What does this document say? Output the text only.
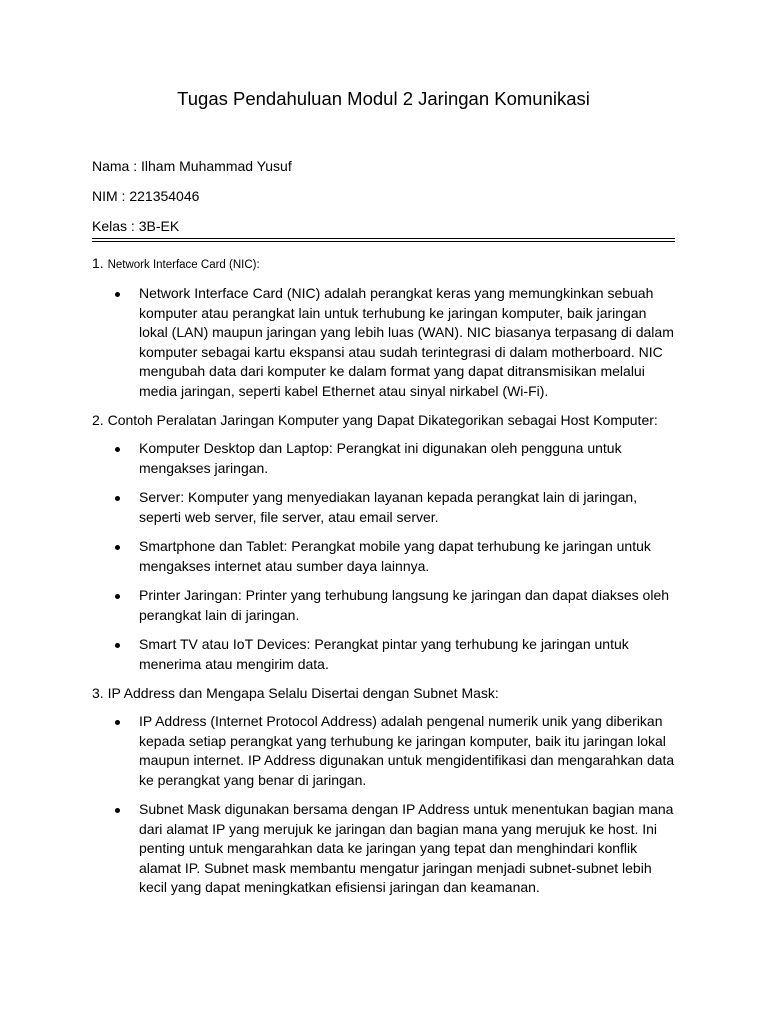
Tugas Pendahuluan Modul 2 Jaringan Komunikasi

Nama : Ilham Muhammad Yusuf

NIM : 221354046

Kelas : 3B-EK

1. Network Interface Card (NIC):

Network Interface Card (NIC) adalah perangkat keras yang memungkinkan sebuah komputer atau perangkat lain untuk terhubung ke jaringan komputer, baik jaringan lokal (LAN) maupun jaringan yang lebih luas (WAN). NIC biasanya terpasang di dalam komputer sebagai kartu ekspansi atau sudah terintegrasi di dalam motherboard. NIC mengubah data dari komputer ke dalam format yang dapat ditransmisikan melalui media jaringan, seperti kabel Ethernet atau sinyal nirkabel (Wi-Fi).

2. Contoh Peralatan Jaringan Komputer yang Dapat Dikategorikan sebagai Host Komputer:

Komputer Desktop dan Laptop: Perangkat ini digunakan oleh pengguna untuk mengakses jaringan.
Server: Komputer yang menyediakan layanan kepada perangkat lain di jaringan, seperti web server, file server, atau email server.
Smartphone dan Tablet: Perangkat mobile yang dapat terhubung ke jaringan untuk mengakses internet atau sumber daya lainnya.
Printer Jaringan: Printer yang terhubung langsung ke jaringan dan dapat diakses oleh perangkat lain di jaringan.
Smart TV atau IoT Devices: Perangkat pintar yang terhubung ke jaringan untuk menerima atau mengirim data.

3. IP Address dan Mengapa Selalu Disertai dengan Subnet Mask:

IP Address (Internet Protocol Address) adalah pengenal numerik unik yang diberikan kepada setiap perangkat yang terhubung ke jaringan komputer, baik itu jaringan lokal maupun internet. IP Address digunakan untuk mengidentifikasi dan mengarahkan data ke perangkat yang benar di jaringan.
Subnet Mask digunakan bersama dengan IP Address untuk menentukan bagian mana dari alamat IP yang merujuk ke jaringan dan bagian mana yang merujuk ke host. Ini penting untuk mengarahkan data ke jaringan yang tepat dan menghindari konflik alamat IP. Subnet mask membantu mengatur jaringan menjadi subnet-subnet lebih kecil yang dapat meningkatkan efisiensi jaringan dan keamanan.
